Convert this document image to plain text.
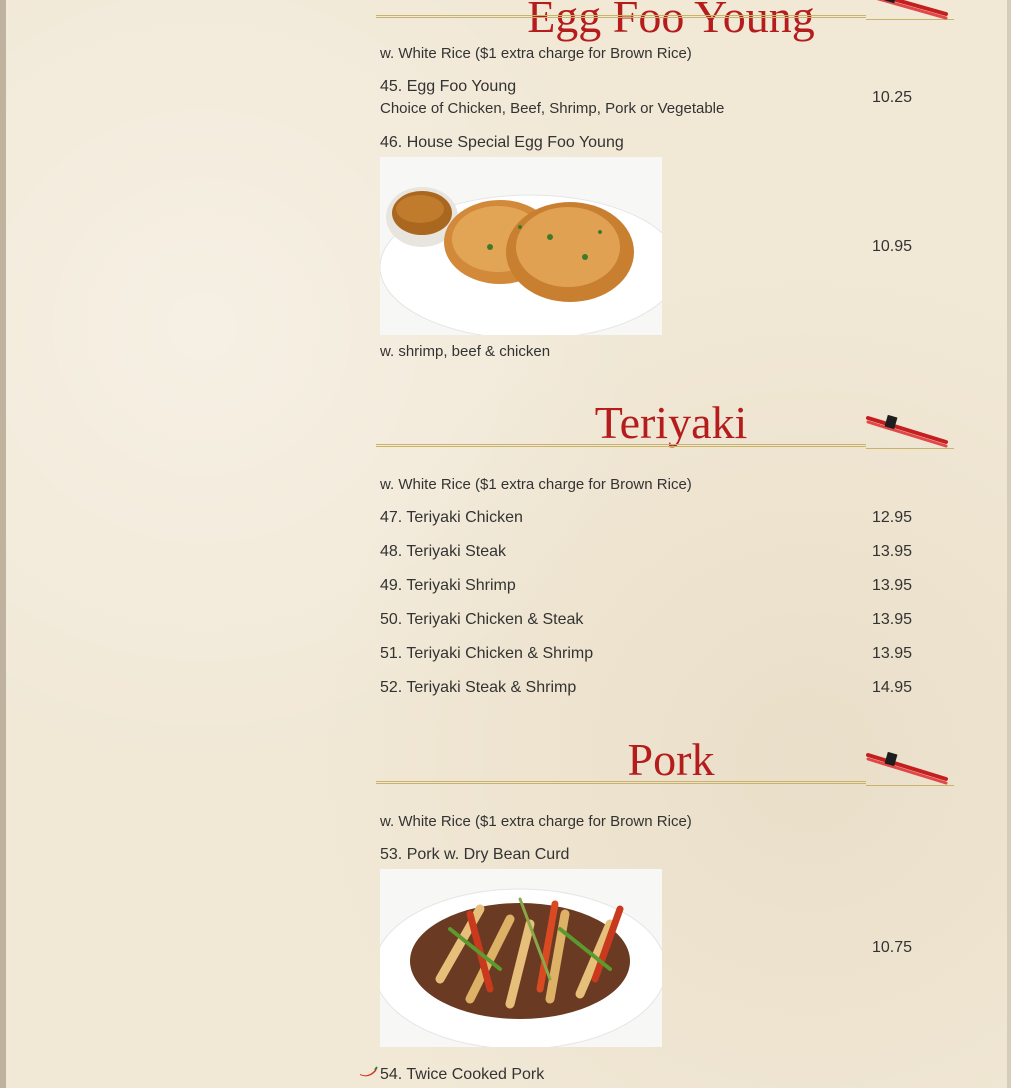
Egg Foo Young
w. White Rice ($1 extra charge for Brown Rice)
45. Egg Foo Young
Choice of Chicken, Beef, Shrimp, Pork or Vegetable
10.25
46. House Special Egg Foo Young
10.95
w. shrimp, beef & chicken
Teriyaki
w. White Rice ($1 extra charge for Brown Rice)
47. Teriyaki Chicken	12.95
48. Teriyaki Steak	13.95
49. Teriyaki Shrimp	13.95
50. Teriyaki Chicken & Steak	13.95
51. Teriyaki Chicken & Shrimp	13.95
52. Teriyaki Steak & Shrimp	14.95
Pork
w. White Rice ($1 extra charge for Brown Rice)
53. Pork w. Dry Bean Curd
10.75
54. Twice Cooked Pork
